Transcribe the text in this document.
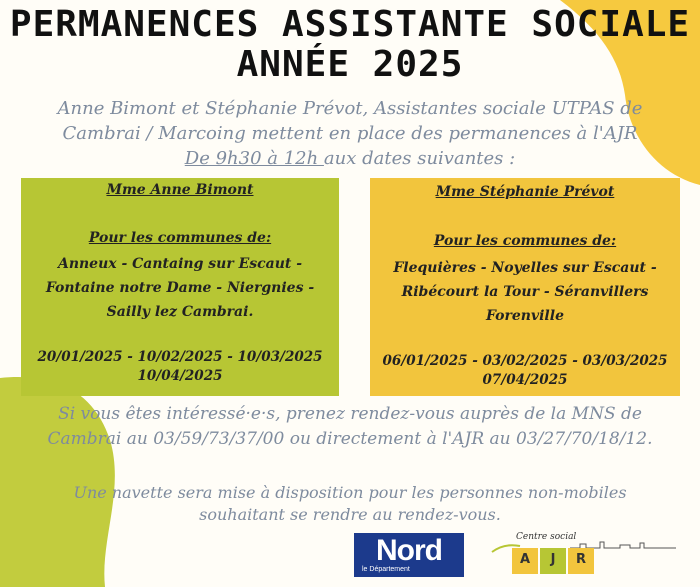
PERMANENCES ASSISTANTE SOCIALE
ANNÉE 2025
Anne Bimont et Stéphanie Prévot, Assistantes sociale UTPAS de
Cambrai / Marcoing mettent en place des permanences à l'AJR
De 9h30 à 12h aux dates suivantes :
Mme Anne Bimont
Pour les communes de:
Anneux - Cantaing sur Escaut -
Fontaine notre Dame - Niergnies -
Sailly lez Cambrai.
20/01/2025 - 10/02/2025 - 10/03/2025
10/04/2025
Mme Stéphanie Prévot
Pour les communes de:
Flequières - Noyelles sur Escaut -
Ribécourt la Tour - Séranvillers
Forenville
06/01/2025 - 03/02/2025 - 03/03/2025
07/04/2025
Si vous êtes intéressé·e·s, prenez rendez-vous auprès de la MNS de
Cambrai au 03/59/73/37/00 ou directement à l'AJR au 03/27/70/18/12.
Une navette sera mise à disposition pour les personnes non-mobiles
souhaitant se rendre au rendez-vous.
Nord
le Département
Centre social
A	J	R
